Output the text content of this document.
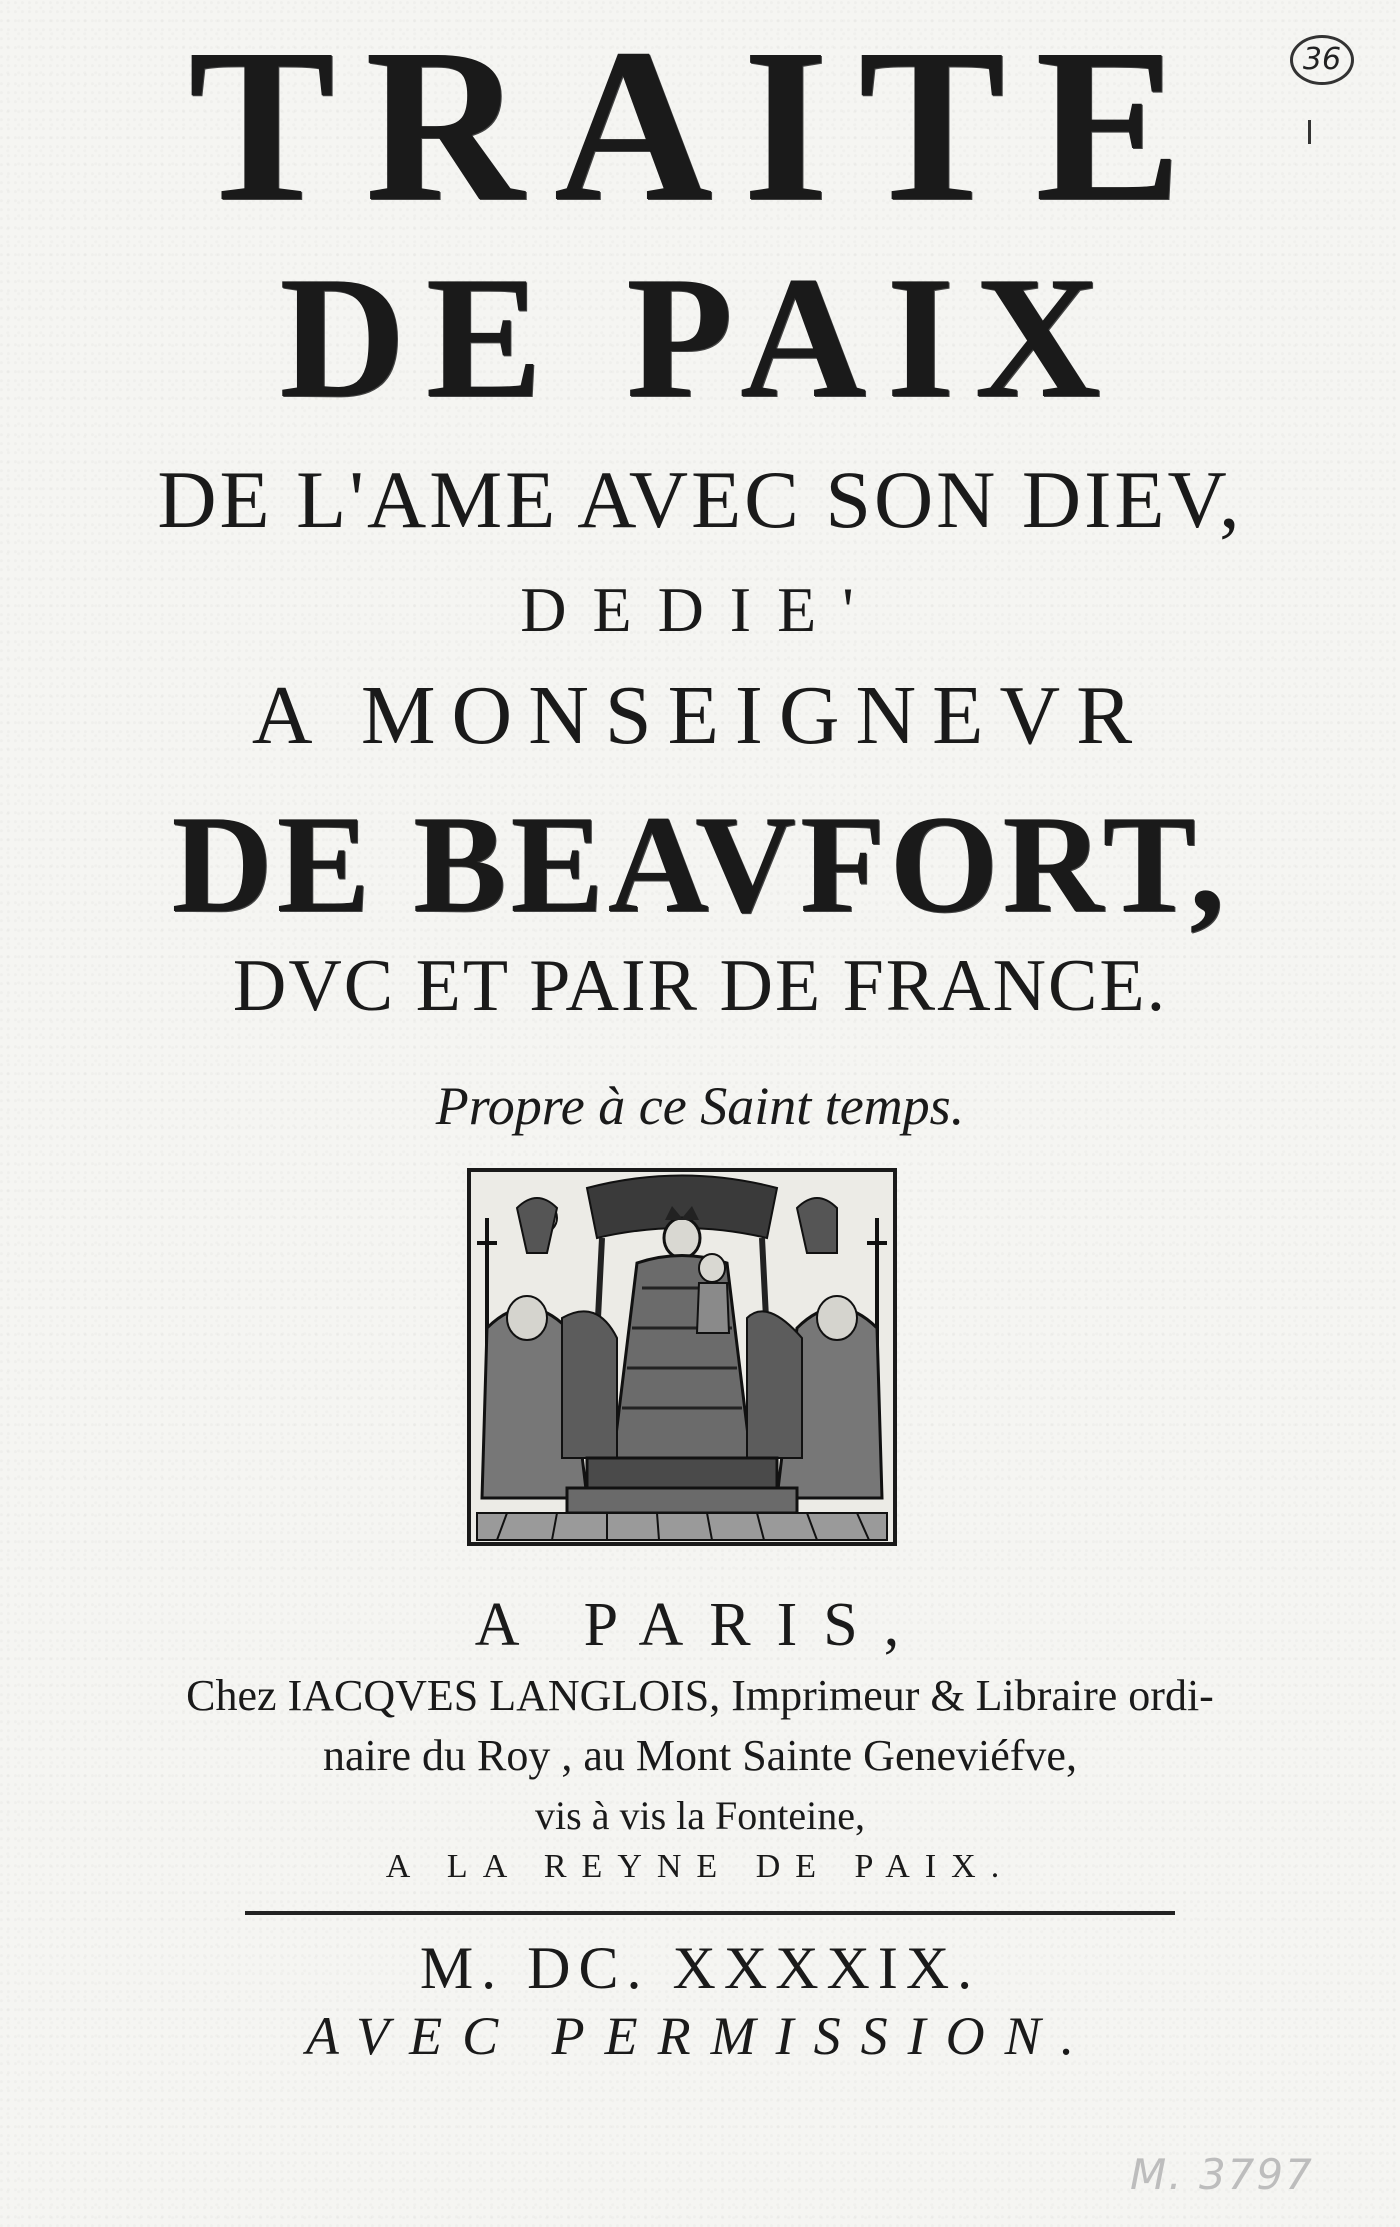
TRAITE
DE PAIX
DE L'AME AVEC SON DIEV,
DEDIE'
A MONSEIGNEVR
DE BEAVFORT,
DVC ET PAIR DE FRANCE.
Propre à ce Saint temps.
A PARIS,
Chez IACQVES LANGLOIS, Imprimeur & Libraire ordi-
naire du Roy , au Mont Sainte Geneviéfve,
vis à vis la Fonteine,
A LA REYNE DE PAIX.
M. DC. XXXXIX.
AVEC PERMISSION.
36
M. 3797
